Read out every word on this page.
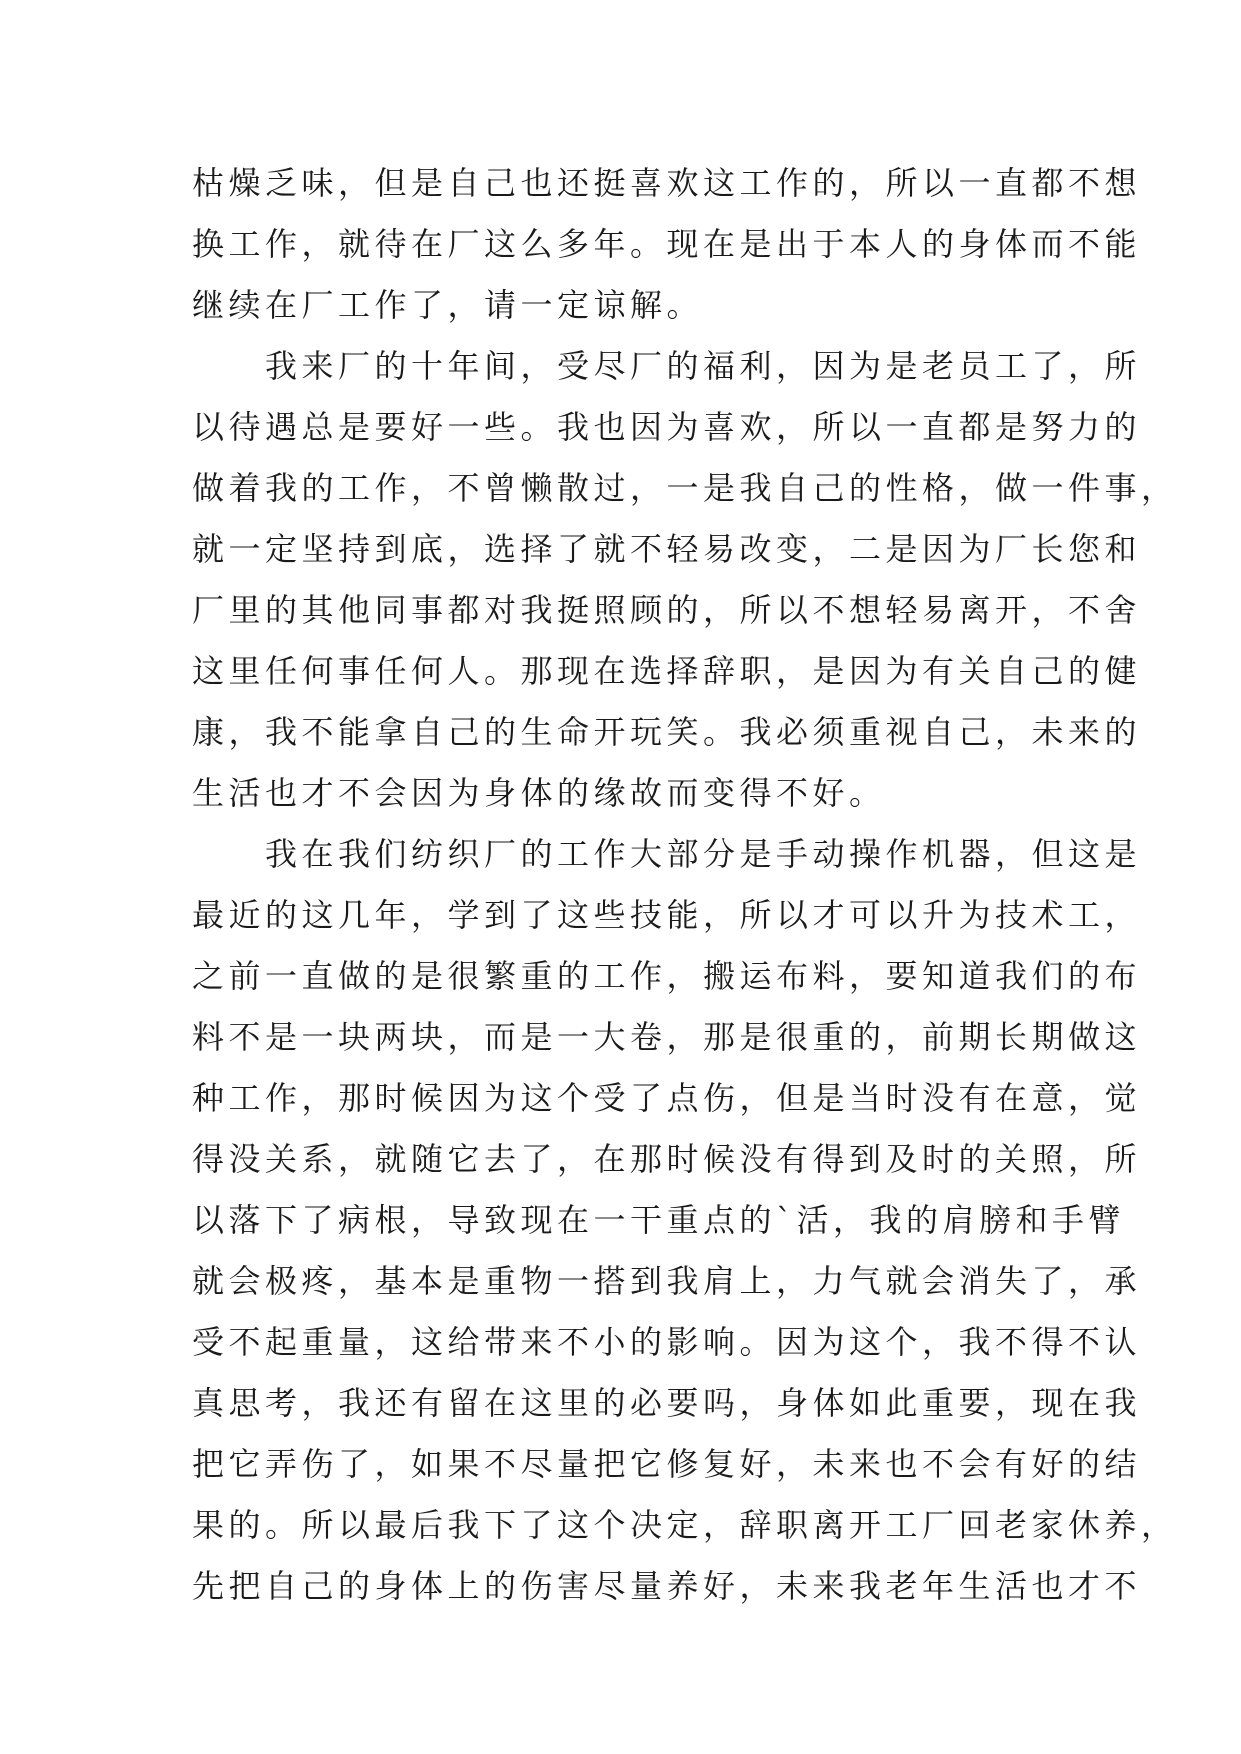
枯燥乏味，但是自己也还挺喜欢这工作的，所以一直都不想
换工作，就待在厂这么多年。现在是出于本人的身体而不能
继续在厂工作了，请一定谅解。
　　我来厂的十年间，受尽厂的福利，因为是老员工了，所
以待遇总是要好一些。我也因为喜欢，所以一直都是努力的
做着我的工作，不曾懒散过，一是我自己的性格，做一件事，
就一定坚持到底，选择了就不轻易改变，二是因为厂长您和
厂里的其他同事都对我挺照顾的，所以不想轻易离开，不舍
这里任何事任何人。那现在选择辞职，是因为有关自己的健
康，我不能拿自己的生命开玩笑。我必须重视自己，未来的
生活也才不会因为身体的缘故而变得不好。
　　我在我们纺织厂的工作大部分是手动操作机器，但这是
最近的这几年，学到了这些技能，所以才可以升为技术工，
之前一直做的是很繁重的工作，搬运布料，要知道我们的布
料不是一块两块，而是一大卷，那是很重的，前期长期做这
种工作，那时候因为这个受了点伤，但是当时没有在意，觉
得没关系，就随它去了，在那时候没有得到及时的关照，所
以落下了病根，导致现在一干重点的`活，我的肩膀和手臂
就会极疼，基本是重物一搭到我肩上，力气就会消失了，承
受不起重量，这给带来不小的影响。因为这个，我不得不认
真思考，我还有留在这里的必要吗，身体如此重要，现在我
把它弄伤了，如果不尽量把它修复好，未来也不会有好的结
果的。所以最后我下了这个决定，辞职离开工厂回老家休养，
先把自己的身体上的伤害尽量养好，未来我老年生活也才不
